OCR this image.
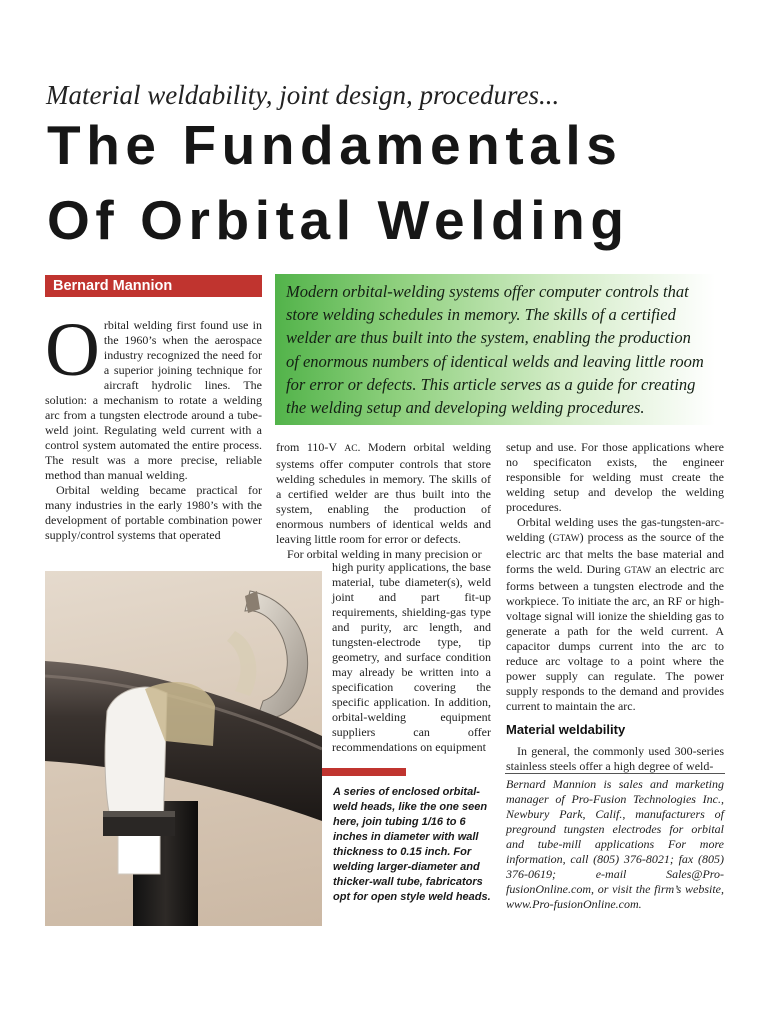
Material weldability, joint design, procedures...
The Fundamentals
Of Orbital Welding
Bernard Mannion	Modern orbital-welding systems offer computer controls that store welding schedules in memory. The skills of a certified welder are thus built into the system, enabling the production of enormous numbers of identical welds and leaving little room for error or defects. This article serves as a guide for creating the welding setup and developing welding procedures.

Orbital welding first found use in the 1960’s when the aerospace industry recognized the need for a superior joining technique for aircraft hydrolic lines. The solution: a mechanism to rotate a welding arc from a tungsten electrode around a tube-weld joint. Regulating weld current with a control system automated the entire process. The result was a more precise, reliable method than manual welding.

Orbital welding became practical for many industries in the early 1980’s with the development of portable combination power supply/control systems that operated

from 110-V AC. Modern orbital welding systems offer computer controls that store welding schedules in memory. The skills of a certified welder are thus built into the system, enabling the production of enormous numbers of identical welds and leaving little room for error or defects.

For orbital welding in many precision or

high purity applications, the base material, tube diameter(s), weld joint and part fit-up requirements, shielding-gas type and purity, arc length, and tungsten-electrode type, tip geometry, and surface condition may already be written into a specification covering the specific application. In addition, orbital-welding equipment suppliers can offer recommendations on equipment
A series of enclosed orbital-weld heads, like the one seen here, join tubing 1/16 to 6 inches in diameter with wall thickness to 0.15 inch. For welding larger-diameter and thicker-wall tube, fabricators opt for open style weld heads.

setup and use. For those applications where no specificaton exists, the engineer responsible for welding must create the welding setup and develop the welding procedures.

Orbital welding uses the gas-tungsten-arc-welding (GTAW) process as the source of the electric arc that melts the base material and forms the weld. During GTAW an electric arc forms between a tungsten electrode and the workpiece. To initiate the arc, an RF or high-voltage signal will ionize the shielding gas to generate a path for the weld current. A capacitor dumps current into the arc to reduce arc voltage to a point where the power supply can regulate. The power supply responds to the demand and provides current to maintain the arc.

Material weldability

In general, the commonly used 300-series stainless steels offer a high degree of weld-

Bernard Mannion is sales and marketing manager of Pro-Fusion Technologies Inc., Newbury Park, Calif., manufacturers of preground tungsten electrodes for orbital and tube-mill applications For more information, call (805) 376-8021; fax (805) 376-0619; e-mail Sales@Pro-fusionOnline.com, or visit the firm’s website, www.Pro-fusionOnline.com.
